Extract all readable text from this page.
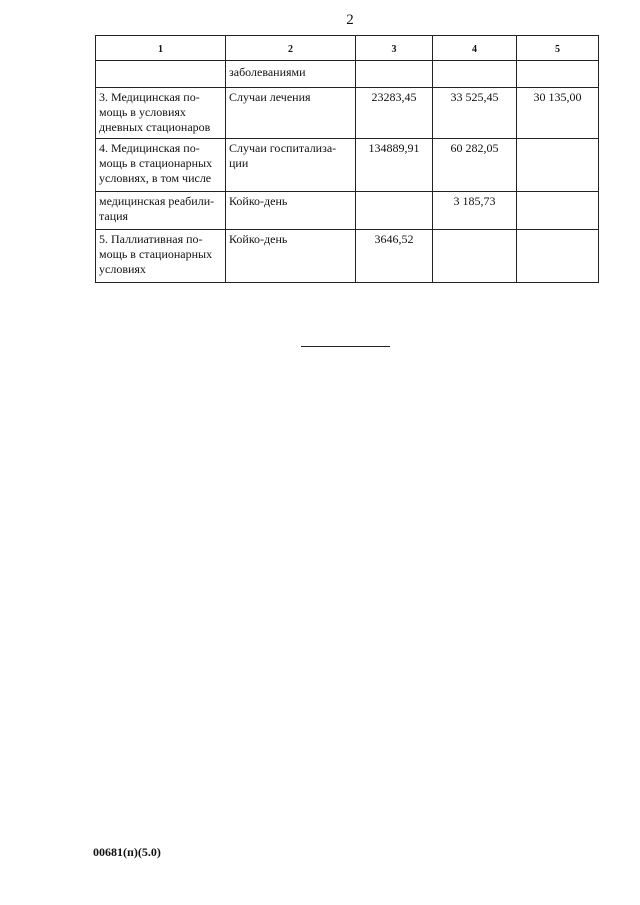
2
1	2	3	4	5
	заболеваниями			
3. Медицинская по-мощь в условиях дневных стационаров	Случаи лечения	23283,45	33 525,45	30 135,00
4. Медицинская по-мощь в стационарных условиях, в том числе	Случаи госпитализа-ции	134889,91	60 282,05	
медицинская реабили-тация	Койко-день		3 185,73	
5. Паллиативная по-мощь в стационарных условиях	Койко-день	3646,52		
00681(п)(5.0)
